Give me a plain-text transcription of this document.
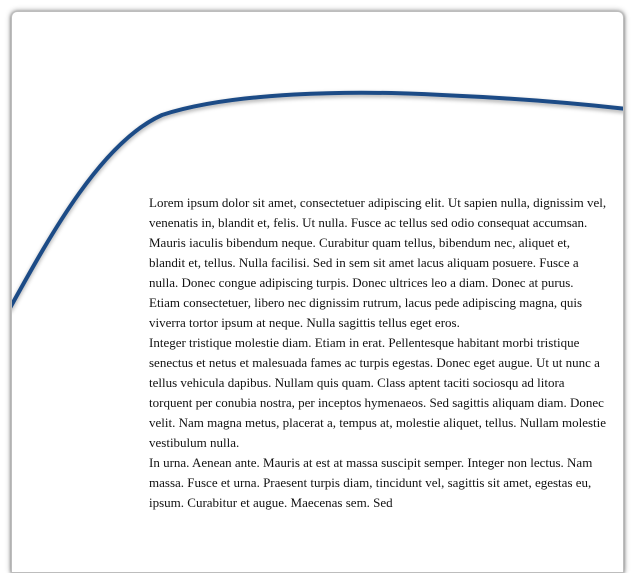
Lorem ipsum dolor sit amet, consectetuer adipiscing elit. Ut sapien nulla, dignissim vel, venenatis in, blandit et, felis. Ut nulla. Fusce ac tellus sed odio consequat accumsan. Mauris iaculis bibendum neque. Curabitur quam tellus, bibendum nec, aliquet et, blandit et, tellus. Nulla facilisi. Sed in sem sit amet lacus aliquam posuere. Fusce a nulla. Donec congue adipiscing turpis. Donec ultrices leo a diam. Donec at purus. Etiam consectetuer, libero nec dignissim rutrum, lacus pede adipiscing magna, quis viverra tortor ipsum at neque. Nulla sagittis tellus eget eros.

Integer tristique molestie diam. Etiam in erat. Pellentesque habitant morbi tristique senectus et netus et malesuada fames ac turpis egestas. Donec eget augue. Ut ut nunc a tellus vehicula dapibus. Nullam quis quam. Class aptent taciti sociosqu ad litora torquent per conubia nostra, per inceptos hymenaeos. Sed sagittis aliquam diam. Donec velit. Nam magna metus, placerat a, tempus at, molestie aliquet, tellus. Nullam molestie vestibulum nulla.

In urna. Aenean ante. Mauris at est at massa suscipit semper. Integer non lectus. Nam massa. Fusce et urna. Praesent turpis diam, tincidunt vel, sagittis sit amet, egestas eu, ipsum. Curabitur et augue. Maecenas sem. Sed
